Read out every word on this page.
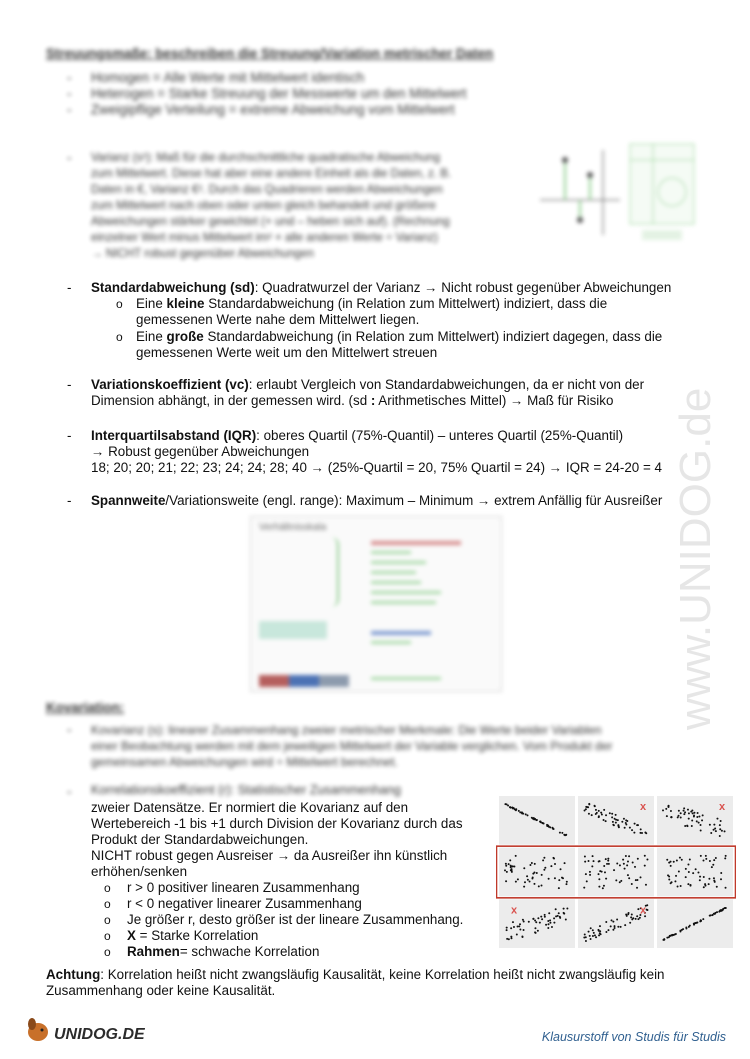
Streuungsmaße: beschreiben die Streuung/Variation metrischer Daten
- Homogen = Alle Werte mit Mittelwert identisch
- Heterogen = Starke Streuung der Messwerte um den Mittelwert
- Zweigipflige Verteilung = extreme Abweichung vom Mittelwert
- Varianz (s²): Maß für die durchschnittliche quadratische Abweichung
zum Mittelwert. Diese hat aber eine andere Einheit als die Daten, z. B.
Daten in €, Varianz €². Durch das Quadrieren werden Abweichungen
zum Mittelwert nach oben oder unten gleich behandelt und größere
Abweichungen stärker gewichtet (+ und – heben sich auf). (Rechnung
einzelner Wert minus Mittelwert im² + alle anderen Werte ÷ Varianz)
→ NICHT robust gegenüber Abweichungen
- Standardabweichung (sd): Quadratwurzel der Varianz → Nicht robust gegenüber Abweichungen
o Eine kleine Standardabweichung (in Relation zum Mittelwert) indiziert, dass die
gemessenen Werte nahe dem Mittelwert liegen.
o Eine große Standardabweichung (in Relation zum Mittelwert) indiziert dagegen, dass die
gemessenen Werte weit um den Mittelwert streuen
- Variationskoeffizient (vc): erlaubt Vergleich von Standardabweichungen, da er nicht von der
Dimension abhängt, in der gemessen wird. (sd : Arithmetisches Mittel) → Maß für Risiko
- Interquartilsabstand (IQR): oberes Quartil (75%-Quantil) – unteres Quartil (25%-Quantil)
→ Robust gegenüber Abweichungen
18; 20; 20; 21; 22; 23; 24; 24; 28; 40 → (25%-Quartil = 20, 75% Quartil = 24) → IQR = 24-20 = 4
- Spannweite/Variationsweite (engl. range): Maximum – Minimum → extrem Anfällig für Ausreißer
Verhältnisskala
Kovariation:
- Kovarianz (s): linearer Zusammenhang zweier metrischer Merkmale: Die Werte beider Variablen
einer Beobachtung werden mit dem jeweiligen Mittelwert der Variable verglichen. Vom Produkt der
gemeinsamen Abweichungen wird ÷ Mittelwert berechnet.
- Korrelationskoeffizient (r): Statistischer Zusammenhang
zweier Datensätze. Er normiert die Kovarianz auf den
Wertebereich -1 bis +1 durch Division der Kovarianz durch das
Produkt der Standardabweichungen.
NICHT robust gegen Ausreiser → da Ausreißer ihn künstlich
erhöhen/senken
o r > 0 positiver linearen Zusammenhang
o r < 0 negativer linearer Zusammenhang
o Je größer r, desto größer ist der lineare Zusammenhang.
o X = Starke Korrelation
o Rahmen= schwache Korrelation
x	x
x	x
Achtung: Korrelation heißt nicht zwangsläufig Kausalität, keine Korrelation heißt nicht zwangsläufig kein
Zusammenhang oder keine Kausalität.
www.UNIDOG.de
UNIDOG.DE	Klausurstoff von Studis für Studis
